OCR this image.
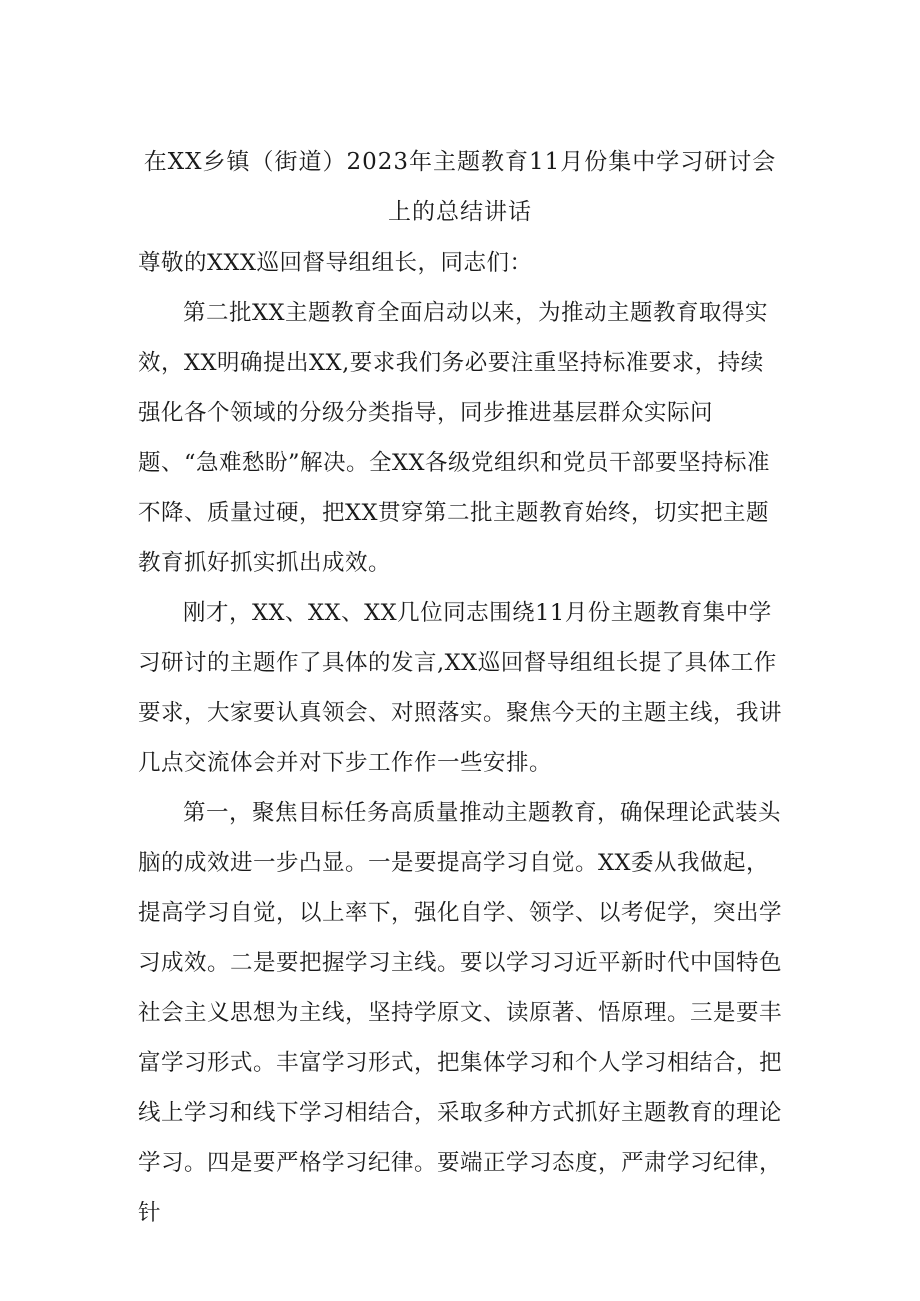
在XX乡镇（街道）2023年主题教育11月份集中学习研讨会
上的总结讲话

尊敬的XXX巡回督导组组长，同志们：

第二批XX主题教育全面启动以来，为推动主题教育取得实效，XX明确提出XX,要求我们务必要注重坚持标准要求，持续强化各个领域的分级分类指导，同步推进基层群众实际问题、“急难愁盼”解决。全XX各级党组织和党员干部要坚持标准不降、质量过硬，把XX贯穿第二批主题教育始终，切实把主题教育抓好抓实抓出成效。

刚才，XX、XX、XX几位同志围绕11月份主题教育集中学习研讨的主题作了具体的发言,XX巡回督导组组长提了具体工作要求，大家要认真领会、对照落实。聚焦今天的主题主线，我讲几点交流体会并对下步工作作一些安排。

第一，聚焦目标任务高质量推动主题教育，确保理论武装头脑的成效进一步凸显。一是要提高学习自觉。XX委从我做起，提高学习自觉，以上率下，强化自学、领学、以考促学，突出学习成效。二是要把握学习主线。要以学习习近平新时代中国特色社会主义思想为主线，坚持学原文、读原著、悟原理。三是要丰富学习形式。丰富学习形式，把集体学习和个人学习相结合，把线上学习和线下学习相结合，采取多种方式抓好主题教育的理论学习。四是要严格学习纪律。要端正学习态度，严肃学习纪律，针
